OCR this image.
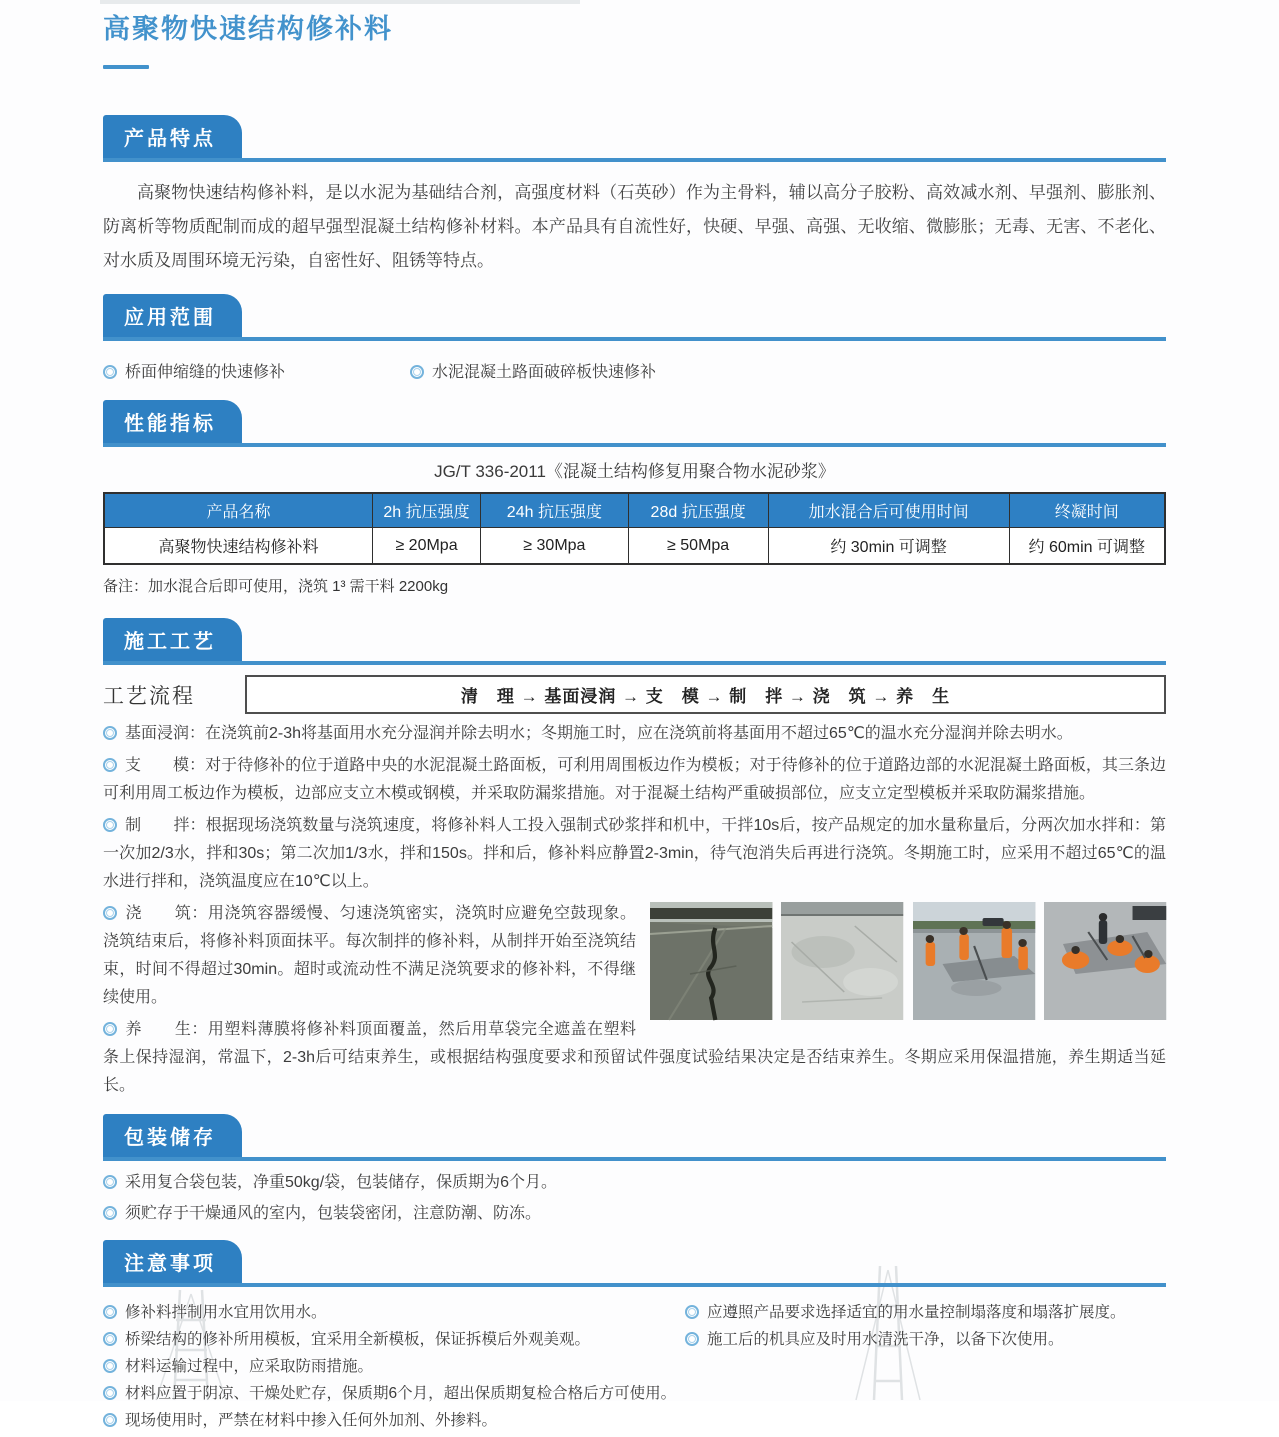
高聚物快速结构修补料
产品特点

高聚物快速结构修补料，是以水泥为基础结合剂，高强度材料（石英砂）作为主骨料，辅以高分子胶粉、高效减水剂、早强剂、膨胀剂、防离析等物质配制而成的超早强型混凝土结构修补材料。本产品具有自流性好，快硬、早强、高强、无收缩、微膨胀；无毒、无害、不老化、对水质及周围环境无污染，自密性好、阻锈等特点。

应用范围

桥面伸缩缝的快速修补	水泥混凝土路面破碎板快速修补

性能指标

JG/T 336-2011《混凝土结构修复用聚合物水泥砂浆》

产品名称	2h 抗压强度	24h 抗压强度	28d 抗压强度	加水混合后可使用时间	终凝时间
高聚物快速结构修补料	≥ 20Mpa	≥ 30Mpa	≥ 50Mpa	约 30min 可调整	约 60min 可调整

备注：加水混合后即可使用，浇筑 1³ 需干料 2200kg

施工工艺
工艺流程	清　理 → 基面浸润 → 支　模 → 制　拌 → 浇　筑 → 养　生

基面浸润：在浇筑前2-3h将基面用水充分湿润并除去明水；冬期施工时，应在浇筑前将基面用不超过65℃的温水充分湿润并除去明水。

支　　模：对于待修补的位于道路中央的水泥混凝土路面板，可利用周围板边作为模板；对于待修补的位于道路边部的水泥混凝土路面板，其三条边可利用周工板边作为模板，边部应支立木模或钢模，并采取防漏浆措施。对于混凝土结构严重破损部位，应支立定型模板并采取防漏浆措施。

制　　拌：根据现场浇筑数量与浇筑速度，将修补料人工投入强制式砂浆拌和机中，干拌10s后，按产品规定的加水量称量后，分两次加水拌和：第一次加2/3水，拌和30s；第二次加1/3水，拌和150s。拌和后，修补料应静置2-3min，待气泡消失后再进行浇筑。冬期施工时，应采用不超过65℃的温水进行拌和，浇筑温度应在10℃以上。

浇　　筑：用浇筑容器缓慢、匀速浇筑密实，浇筑时应避免空鼓现象。浇筑结束后，将修补料顶面抹平。每次制拌的修补料，从制拌开始至浇筑结束，时间不得超过30min。超时或流动性不满足浇筑要求的修补料，不得继续使用。

养　　生：用塑料薄膜将修补料顶面覆盖，然后用草袋完全遮盖在塑料条上保持湿润，常温下，2-3h后可结束养生，或根据结构强度要求和预留试件强度试验结果决定是否结束养生。冬期应采用保温措施，养生期适当延长。

包装储存

采用复合袋包装，净重50kg/袋，包装储存，保质期为6个月。

须贮存于干燥通风的室内，包装袋密闭，注意防潮、防冻。

注意事项

修补料拌制用水宜用饮用水。

桥梁结构的修补所用模板，宜采用全新模板，保证拆模后外观美观。

材料运输过程中，应采取防雨措施。

材料应置于阴凉、干燥处贮存，保质期6个月，超出保质期复检合格后方可使用。

现场使用时，严禁在材料中掺入任何外加剂、外掺料。

应遵照产品要求选择适宜的用水量控制塌落度和塌落扩展度。

施工后的机具应及时用水清洗干净，以备下次使用。
